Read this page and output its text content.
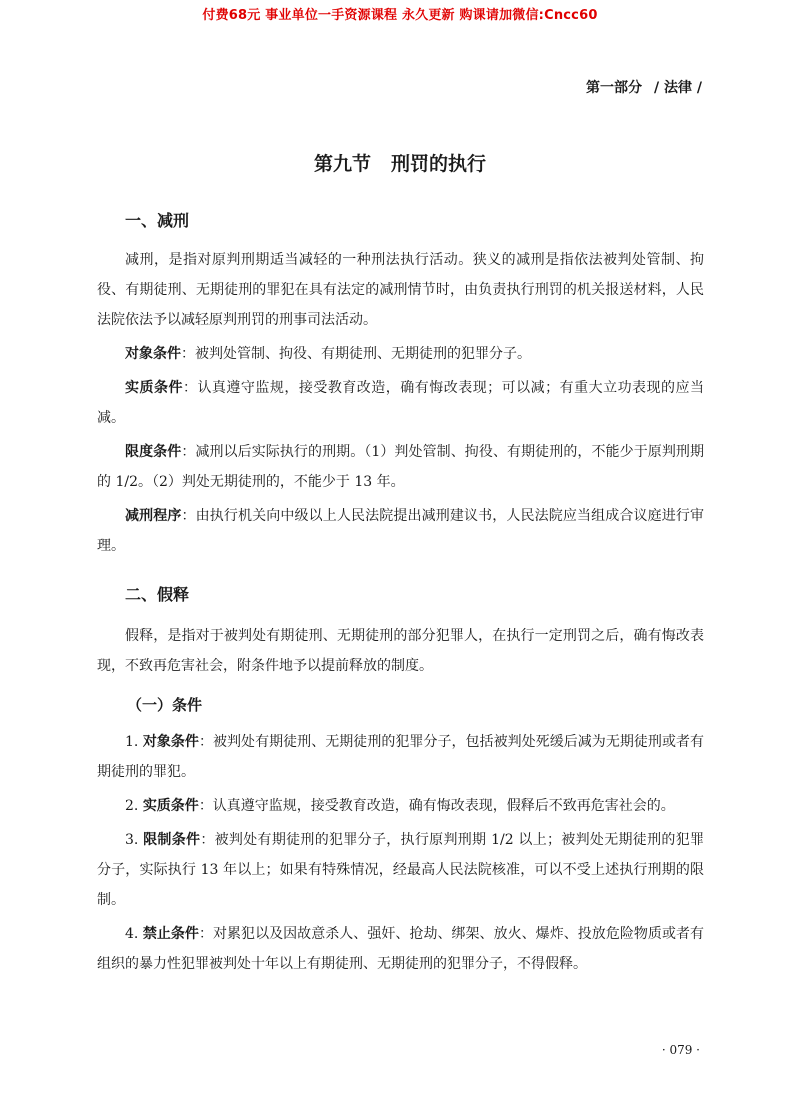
付费68元 事业单位一手资源课程 永久更新 购课请加微信:Cncc60
第一部分 / 法律 /
第九节 刑罚的执行
一、减刑

减刑，是指对原判刑期适当减轻的一种刑法执行活动。狭义的减刑是指依法被判处管制、拘役、有期徒刑、无期徒刑的罪犯在具有法定的减刑情节时，由负责执行刑罚的机关报送材料，人民法院依法予以减轻原判刑罚的刑事司法活动。

对象条件：被判处管制、拘役、有期徒刑、无期徒刑的犯罪分子。

实质条件：认真遵守监规，接受教育改造，确有悔改表现；可以减；有重大立功表现的应当减。

限度条件：减刑以后实际执行的刑期。（1）判处管制、拘役、有期徒刑的，不能少于原判刑期的 1/2。（2）判处无期徒刑的，不能少于 13 年。

减刑程序：由执行机关向中级以上人民法院提出减刑建议书，人民法院应当组成合议庭进行审理。

二、假释

假释，是指对于被判处有期徒刑、无期徒刑的部分犯罪人，在执行一定刑罚之后，确有悔改表现，不致再危害社会，附条件地予以提前释放的制度。

（一）条件

1. 对象条件：被判处有期徒刑、无期徒刑的犯罪分子，包括被判处死缓后减为无期徒刑或者有期徒刑的罪犯。

2. 实质条件：认真遵守监规，接受教育改造，确有悔改表现，假释后不致再危害社会的。

3. 限制条件：被判处有期徒刑的犯罪分子，执行原判刑期 1/2 以上；被判处无期徒刑的犯罪分子，实际执行 13 年以上；如果有特殊情况，经最高人民法院核准，可以不受上述执行刑期的限制。

4. 禁止条件：对累犯以及因故意杀人、强奸、抢劫、绑架、放火、爆炸、投放危险物质或者有组织的暴力性犯罪被判处十年以上有期徒刑、无期徒刑的犯罪分子，不得假释。

· 079 ·
